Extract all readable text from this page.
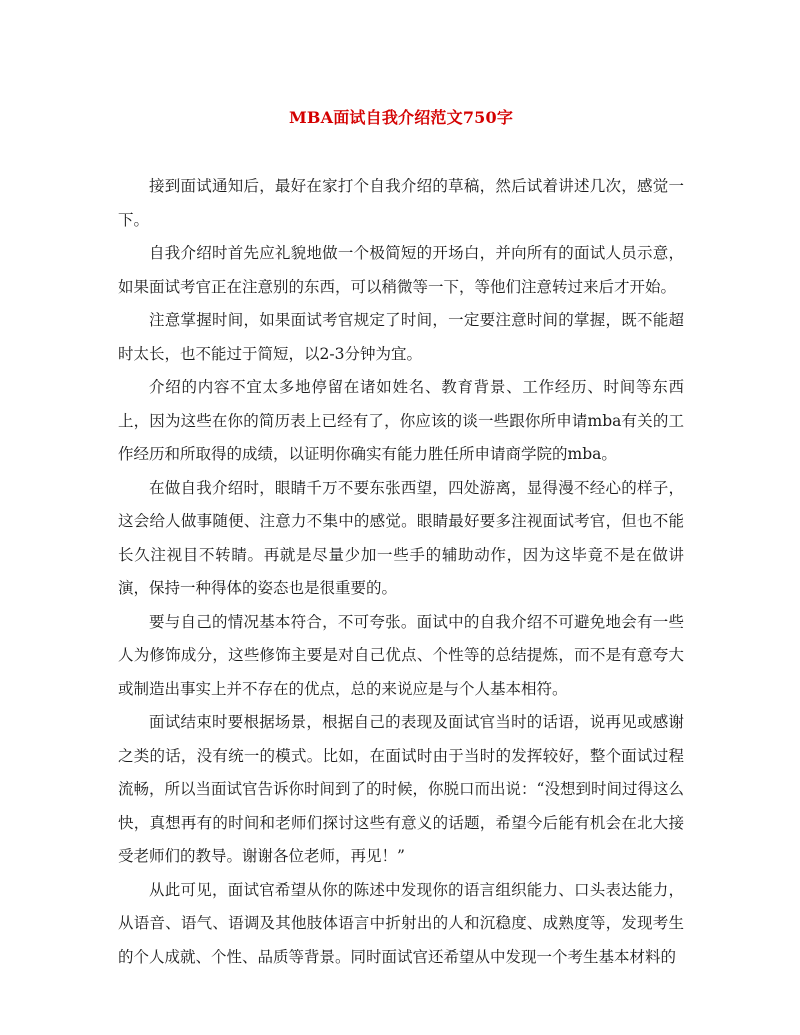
MBA面试自我介绍范文750字

接到面试通知后，最好在家打个自我介绍的草稿，然后试着讲述几次，感觉一下。

自我介绍时首先应礼貌地做一个极简短的开场白，并向所有的面试人员示意，如果面试考官正在注意别的东西，可以稍微等一下，等他们注意转过来后才开始。

注意掌握时间，如果面试考官规定了时间，一定要注意时间的掌握，既不能超时太长，也不能过于简短，以2-3分钟为宜。

介绍的内容不宜太多地停留在诸如姓名、教育背景、工作经历、时间等东西上，因为这些在你的简历表上已经有了，你应该的谈一些跟你所申请mba有关的工作经历和所取得的成绩，以证明你确实有能力胜任所申请商学院的mba。

在做自我介绍时，眼睛千万不要东张西望，四处游离，显得漫不经心的样子，这会给人做事随便、注意力不集中的感觉。眼睛最好要多注视面试考官，但也不能长久注视目不转睛。再就是尽量少加一些手的辅助动作，因为这毕竟不是在做讲演，保持一种得体的姿态也是很重要的。

要与自己的情况基本符合，不可夸张。面试中的自我介绍不可避免地会有一些人为修饰成分，这些修饰主要是对自己优点、个性等的总结提炼，而不是有意夸大或制造出事实上并不存在的优点，总的来说应是与个人基本相符。

面试结束时要根据场景，根据自己的表现及面试官当时的话语，说再见或感谢之类的话，没有统一的模式。比如，在面试时由于当时的发挥较好，整个面试过程流畅，所以当面试官告诉你时间到了的时候，你脱口而出说：“没想到时间过得这么快，真想再有的时间和老师们探讨这些有意义的话题，希望今后能有机会在北大接受老师们的教导。谢谢各位老师，再见！”

从此可见，面试官希望从你的陈述中发现你的语言组织能力、口头表达能力，从语音、语气、语调及其他肢体语言中折射出的人和沉稳度、成熟度等，发现考生的个人成就、个性、品质等背景。同时面试官还希望从中发现一个考生基本材料的
